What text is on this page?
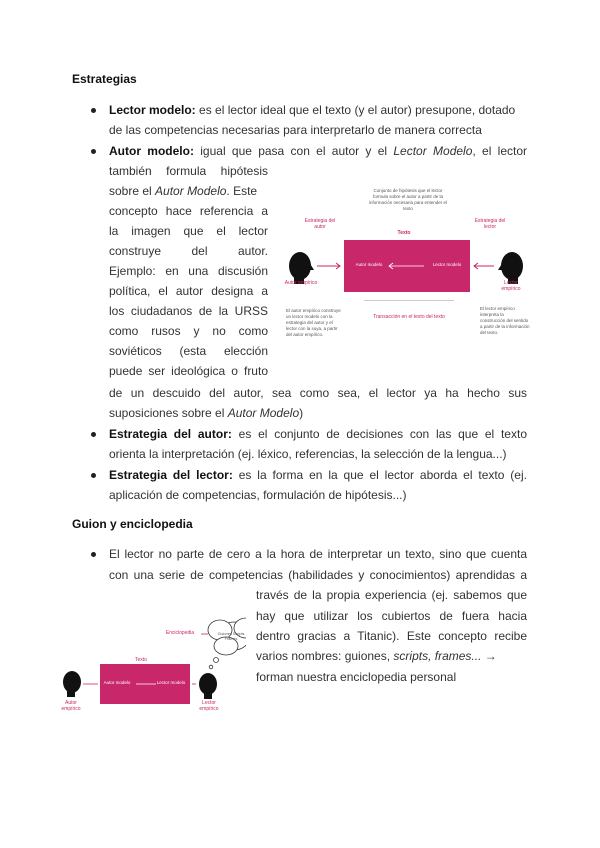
Estrategias
Lector modelo: es el lector ideal que el texto (y el autor) presupone, dotado
de las competencias necesarias para interpretarlo de manera correcta
Autor modelo: igual que pasa con el autor y el Lector Modelo, el lector
también formula hipótesis
sobre el Autor Modelo. Este
concepto hace referencia a
la imagen que el lector
construye del autor.
Ejemplo: en una discusión
política, el autor designa a
los ciudadanos de la URSS
como rusos y no como
soviéticos (esta elección
puede ser ideológica o fruto
de un descuido del autor, sea como sea, el lector ya ha hecho sus
suposiciones sobre el Autor Modelo)
Conjunto de hipótesis que el lector formula sobre el autor a partir de la información necesaria para entender el texto
Estrategia del autor
Estrategia del lector
Texto
Autor modelo	Lector modelo
Autor empírico	Lector empírico
Transacción en el texto del texto
El autor empírico construye un lector modelo con la estrategia del autor y el lector con la suya, a partir del autor empírico.
El lector empírico interpreta la construcción del sentido a partir de la información del texto.
Estrategia del autor: es el conjunto de decisiones con las que el texto
orienta la interpretación (ej. léxico, referencias, la selección de la lengua...)
Estrategia del lector: es la forma en la que el lector aborda el texto (ej.
aplicación de competencias, formulación de hipótesis...)
Guion y enciclopedia
El lector no parte de cero a la hora de interpretar un texto, sino que cuenta
con una serie de competencias (habilidades y conocimientos) aprendidas a
través de la propia experiencia (ej. sabemos que
hay que utilizar los cubiertos de fuera hacia
dentro gracias a Titanic). Este concepto recibe
varios nombres: guiones, scripts, frames... →
forman nuestra enciclopedia personal
Enciclopedia	Guiones Scripts Frames
Texto
Autor modelo	Lector modelo
Autor empírico
Lector empírico
